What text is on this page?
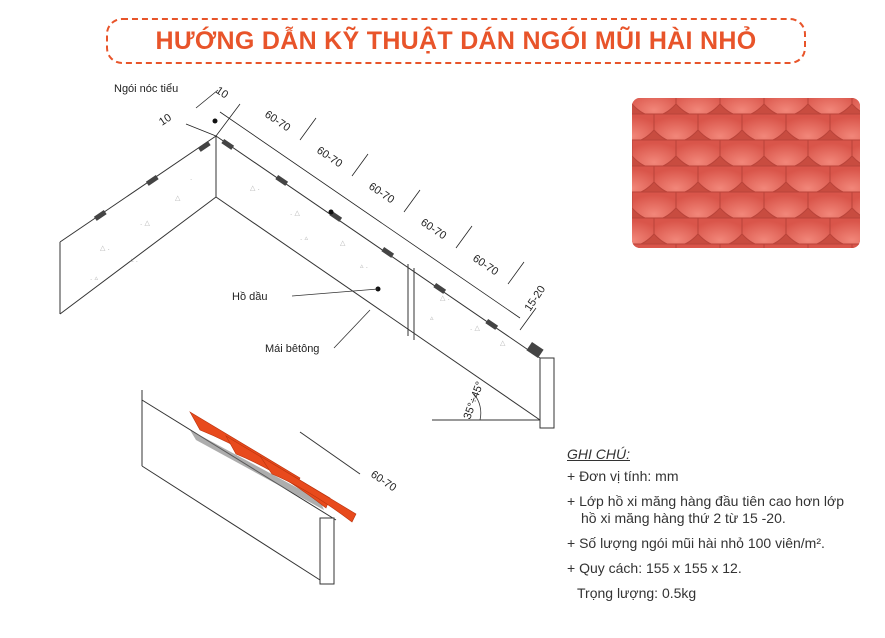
HƯỚNG DẪN KỸ THUẬT DÁN NGÓI MŨI HÀI NHỎ
△ .
. △
△
. ▵
▵ .
.
△ .
. △
△
. ▵
▵ .
△ .
. △
△
▵
Ngói nóc tiểu
Hồ dầu
Mái bêtông
10
10	60-70
60-70
60-70
60-70
60-70
15-20
35°÷45°
60-70
GHI CHÚ:
+ Đơn vị tính: mm
+ Lớp hồ xi măng hàng đầu tiên cao hơn lớp
hồ xi măng hàng thứ 2 từ 15 -20.
+ Số lượng ngói mũi hài nhỏ 100 viên/m².
+ Quy cách: 155 x 155 x 12.
Trọng lượng: 0.5kg
